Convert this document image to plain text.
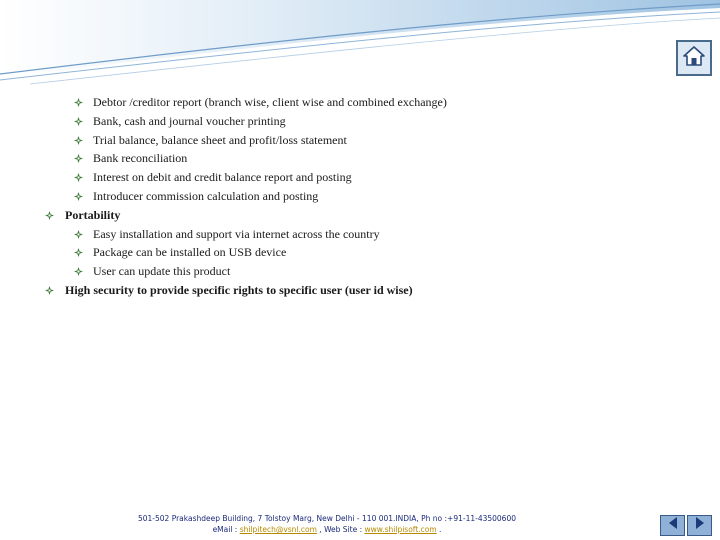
Debtor /creditor report (branch wise, client wise and combined exchange)
Bank, cash and journal voucher printing
Trial balance, balance sheet and profit/loss statement
Bank reconciliation
Interest on debit and credit balance report and posting
Introducer commission calculation and posting
Portability
Easy installation and support via internet across the country
Package can be installed on USB device
User can update this product
High security to provide specific rights to specific user (user id wise)
501-502 Prakashdeep Building, 7 Tolstoy Marg, New Delhi - 110 001.INDIA, Ph no :+91-11-43500600
eMail : shilpitech@vsnl.com , Web Site : www.shilpisoft.com .
